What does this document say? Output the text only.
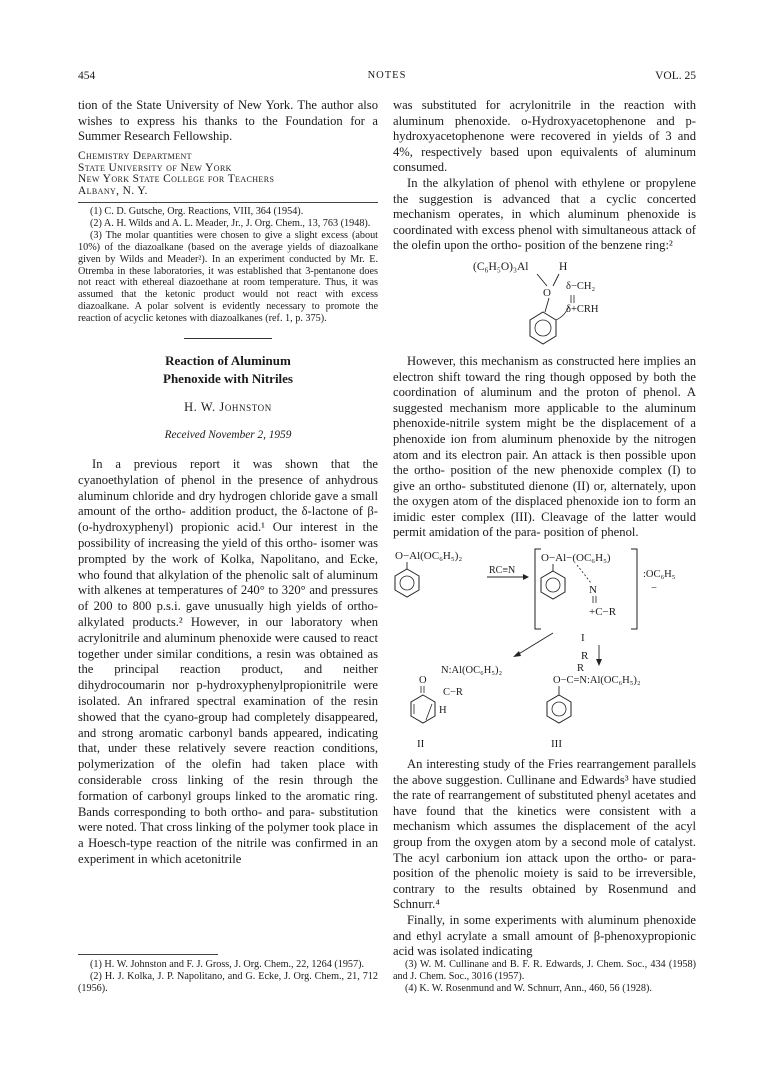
454	NOTES	VOL. 25

tion of the State University of New York. The author also wishes to express his thanks to the Foundation for a Summer Research Fellowship.

Chemistry Department

State University of New York

New York State College for Teachers

Albany, N. Y.

(1) C. D. Gutsche, Org. Reactions, VIII, 364 (1954).

(2) A. H. Wilds and A. L. Meader, Jr., J. Org. Chem., 13, 763 (1948).

(3) The molar quantities were chosen to give a slight excess (about 10%) of the diazoalkane (based on the average yields of diazoalkane given by Wilds and Meader²). In an experiment conducted by Mr. E. Otremba in these laboratories, it was established that 3-pentanone does not react with ethereal diazoethane at room temperature. Thus, it was assumed that the ketonic product would not react with excess diazoalkane. A polar solvent is evidently necessary to promote the reaction of acyclic ketones with diazoalkanes (ref. 1, p. 375).

Reaction of Aluminum

Phenoxide with Nitriles

H. W. Johnston

Received November 2, 1959

In a previous report it was shown that the cyanoethylation of phenol in the presence of anhydrous aluminum chloride and dry hydrogen chloride gave a small amount of the ortho- addition product, the δ-lactone of β-(o-hydroxyphenyl) propionic acid.¹ Our interest in the possibility of increasing the yield of this ortho- isomer was prompted by the work of Kolka, Napolitano, and Ecke, who found that alkylation of the phenolic salt of aluminum with alkenes at temperatures of 240° to 320° and pressures of 200 to 800 p.s.i. gave unusually high yields of ortho- alkylated products.² However, in our laboratory when acrylonitrile and aluminum phenoxide were caused to react together under similar conditions, a resin was obtained as the principal reaction product, and neither dihydrocoumarin nor p-hydroxyphenylpropionitrile were isolated. An infrared spectral examination of the resin showed that the cyano-group had completely disappeared, and strong aromatic carbonyl bands appeared, indicating that, under these relatively severe reaction conditions, polymerization of the olefin had taken place with considerable cross linking of the resin through the formation of carbonyl groups linked to the aromatic ring. Bands corresponding to both ortho- and para- substitution were noted. That cross linking of the polymer took place in a Hoesch-type reaction of the nitrile was confirmed in an experiment in which acetonitrile

was substituted for acrylonitrile in the reaction with aluminum phenoxide. o-Hydroxyacetophenone and p-hydroxyacetophenone were recovered in yields of 3 and 4%, respectively based upon equivalents of aluminum consumed.

In the alkylation of phenol with ethylene or propylene the suggestion is advanced that a cyclic concerted mechanism operates, in which aluminum phenoxide is coordinated with excess phenol with simultaneous attack of the olefin upon the ortho- position of the benzene ring:²

(C₆H₅O)₃Al	H
O
δ−CH₂
δ+CRH

However, this mechanism as constructed here implies an electron shift toward the ring though opposed by both the coordination of aluminum and the proton of phenol. A suggested mechanism more applicable to the aluminum phenoxide-nitrile system might be the displacement of a phenoxide ion from aluminum phenoxide by the nitrogen atom and its electron pair. An attack is then possible upon the ortho- position of the new phenoxide complex (I) to give an ortho- substituted dienone (II) or, alternately, upon the oxygen atom of the displaced phenoxide ion to form an imidic ester complex (III). Cleavage of the latter would permit amidation of the para- position of phenol.

O−Al(OC₆H₅)₂
RC≡N
O−Al−(OC₆H₅)
N
+C−R
:OC₆H₅
−
I
R
N:Al(OC₆H₅)₂
O
C−R
H
II
O−C=N:Al(OC₆H₅)₂
R
III

An interesting study of the Fries rearrangement parallels the above suggestion. Cullinane and Edwards³ have studied the rate of rearrangement of substituted phenyl acetates and have found that the kinetics were consistent with a mechanism which assumes the displacement of the acyl group from the oxygen atom by a second mole of catalyst. The acyl carbonium ion attack upon the ortho- or para- position of the phenolic moiety is said to be irreversible, contrary to the results obtained by Rosenmund and Schnurr.⁴

Finally, in some experiments with aluminum phenoxide and ethyl acrylate a small amount of β-phenoxypropionic acid was isolated indicating

(1) H. W. Johnston and F. J. Gross, J. Org. Chem., 22, 1264 (1957).

(2) H. J. Kolka, J. P. Napolitano, and G. Ecke, J. Org. Chem., 21, 712 (1956).

(3) W. M. Cullinane and B. F. R. Edwards, J. Chem. Soc., 434 (1958) and J. Chem. Soc., 3016 (1957).

(4) K. W. Rosenmund and W. Schnurr, Ann., 460, 56 (1928).
